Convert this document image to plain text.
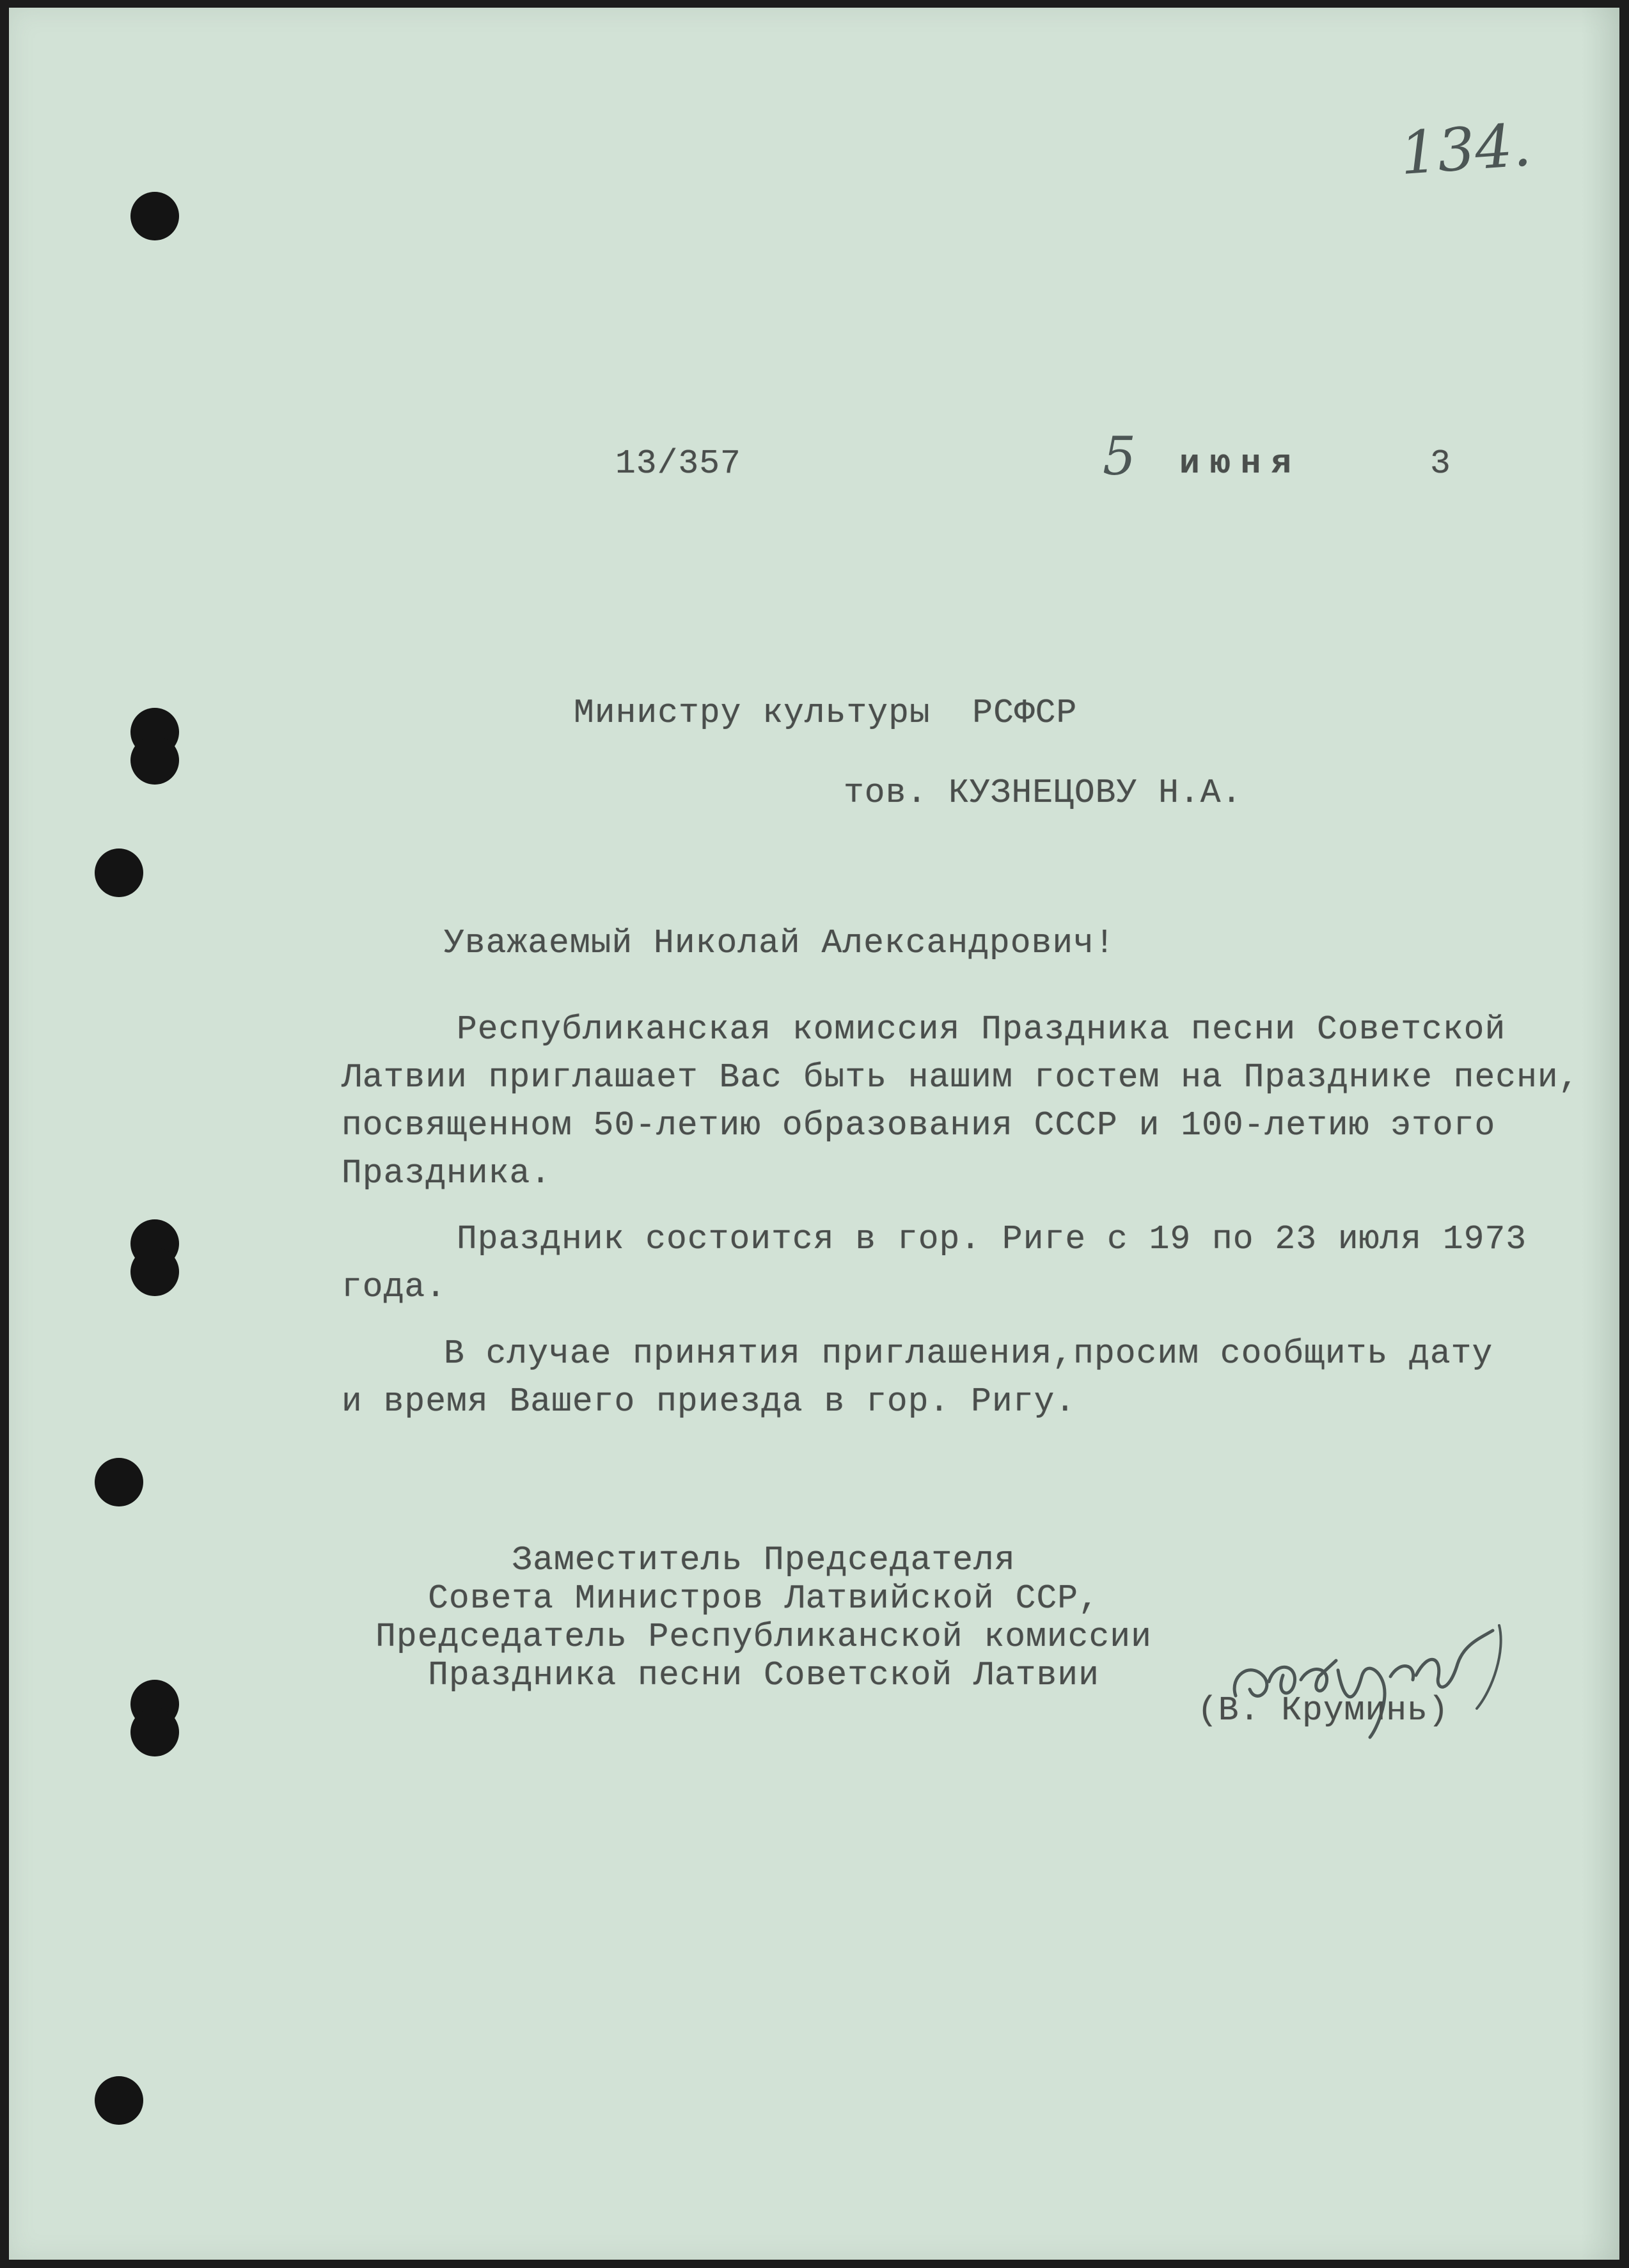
134.

13/357	5 июня	3

Министру культуры  РСФСР

тов. КУЗНЕЦОВУ Н.А.

Уважаемый Николай Александрович!

Республиканская комиссия Праздника песни Советской

Латвии приглашает Вас быть нашим гостем на Празднике песни,

посвященном 50-летию образования СССР и 100-летию этого

Праздника.

Праздник состоится в гор. Риге с 19 по 23 июля 1973

года.

В случае принятия приглашения,просим сообщить дату

и время Вашего приезда в гор. Ригу.

Заместитель Председателя

Совета Министров Латвийской ССР,

Председатель Республиканской комиссии

Праздника песни Советской Латвии

(В. Круминь)
